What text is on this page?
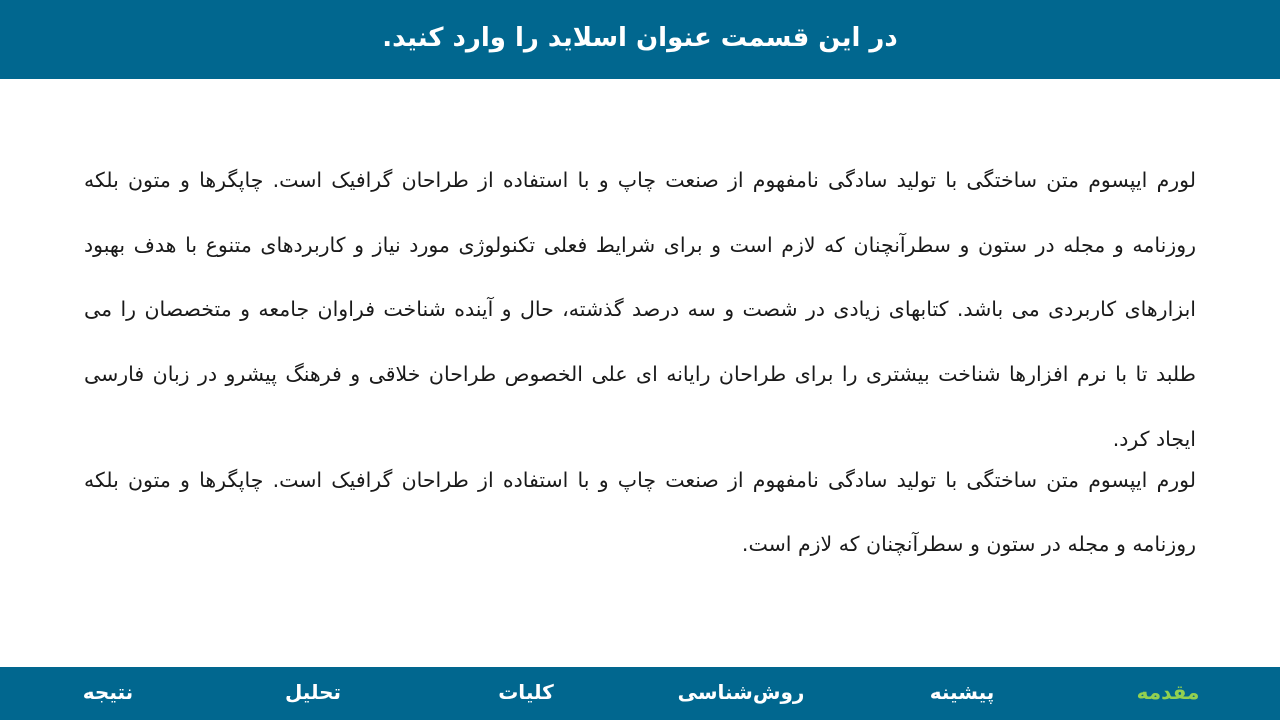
در این قسمت عنوان اسلاید را وارد کنید.

لورم ایپسوم متن ساختگی با تولید سادگی نامفهوم از صنعت چاپ و با استفاده از طراحان گرافیک است. چاپگرها و متون بلکه روزنامه و مجله در ستون و سطرآنچنان که لازم است و برای شرایط فعلی تکنولوژی مورد نیاز و کاربردهای متنوع با هدف بهبود ابزارهای کاربردی می باشد. کتابهای زیادی در شصت و سه درصد گذشته، حال و آینده شناخت فراوان جامعه و متخصصان را می طلبد تا با نرم افزارها شناخت بیشتری را برای طراحان رایانه ای علی الخصوص طراحان خلاقی و فرهنگ پیشرو در زبان فارسی ایجاد کرد.

لورم ایپسوم متن ساختگی با تولید سادگی نامفهوم از صنعت چاپ و با استفاده از طراحان گرافیک است. چاپگرها و متون بلکه روزنامه و مجله در ستون و سطرآنچنان که لازم است.

مقدمه
پیشینه
روش‌شناسی
کلیات
تحلیل
نتیجه
